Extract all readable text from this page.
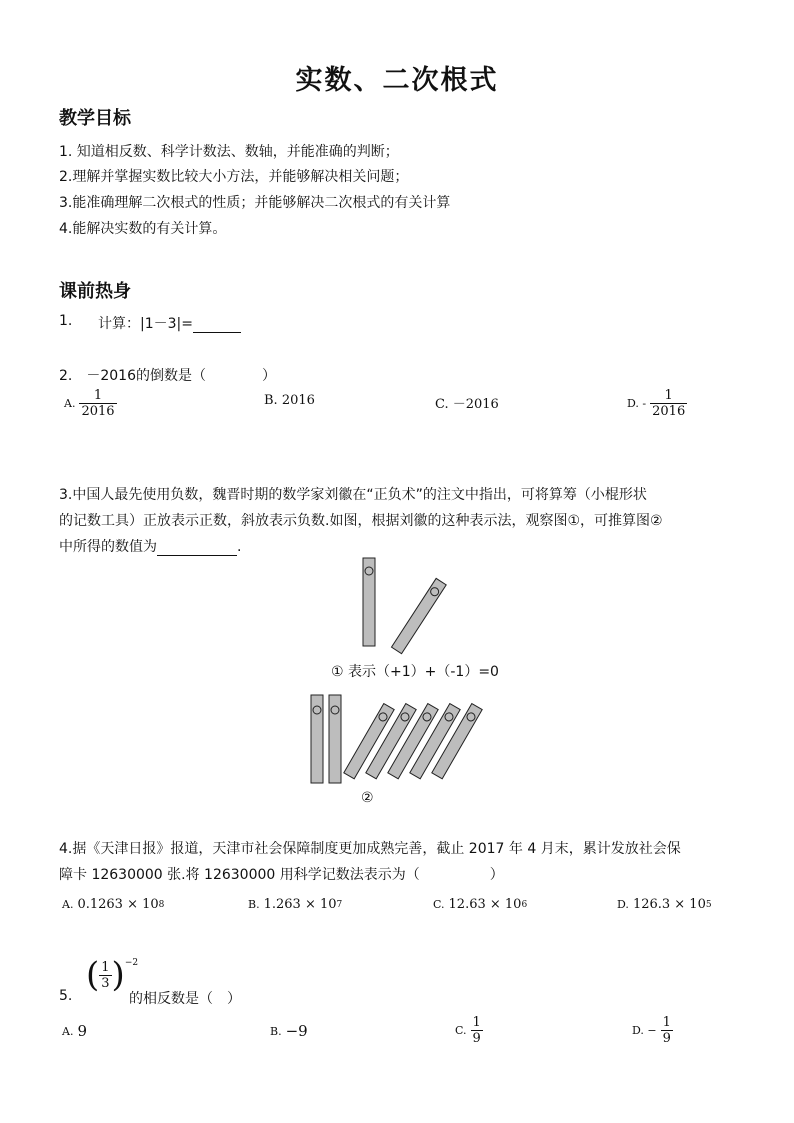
实数、二次根式
教学目标
1. 知道相反数、科学计数法、数轴，并能准确的判断；
2.理解并掌握实数比较大小方法，并能够解决相关问题；
3.能准确理解二次根式的性质；并能够解决二次根式的有关计算
4.能解决实数的有关计算。
课前热身
1. 计算：|1－3|=
2.　－2016的倒数是（　　　　）
A. $\frac{1}{2016}$	B. 2016	C. －2016	D. - $\frac{1}{2016}$
3.中国人最先使用负数，魏晋时期的数学家刘徽在“正负术”的注文中指出，可将算筹（小棍形状
的记数工具）正放表示正数，斜放表示负数.如图，根据刘徽的这种表示法，观察图①，可推算图②
中所得的数值为	.
① 表示（+1）+（-1）=0
②
4.据《天津日报》报道，天津市社会保障制度更加成熟完善，截止 2017 年 4 月末，累计发放社会保
障卡 12630000 张.将 12630000 用科学记数法表示为（　　　　　）
A. 0.1263 × 10 8	B. 1.263 × 10 7	C. 12.63 × 10 6	D. 126.3 × 10 5
5.
( $\frac{1}{3}$ ) −2
的相反数是（　）
A. 9	B. −9	C. $\frac{1}{9}$	D. − $\frac{1}{9}$
